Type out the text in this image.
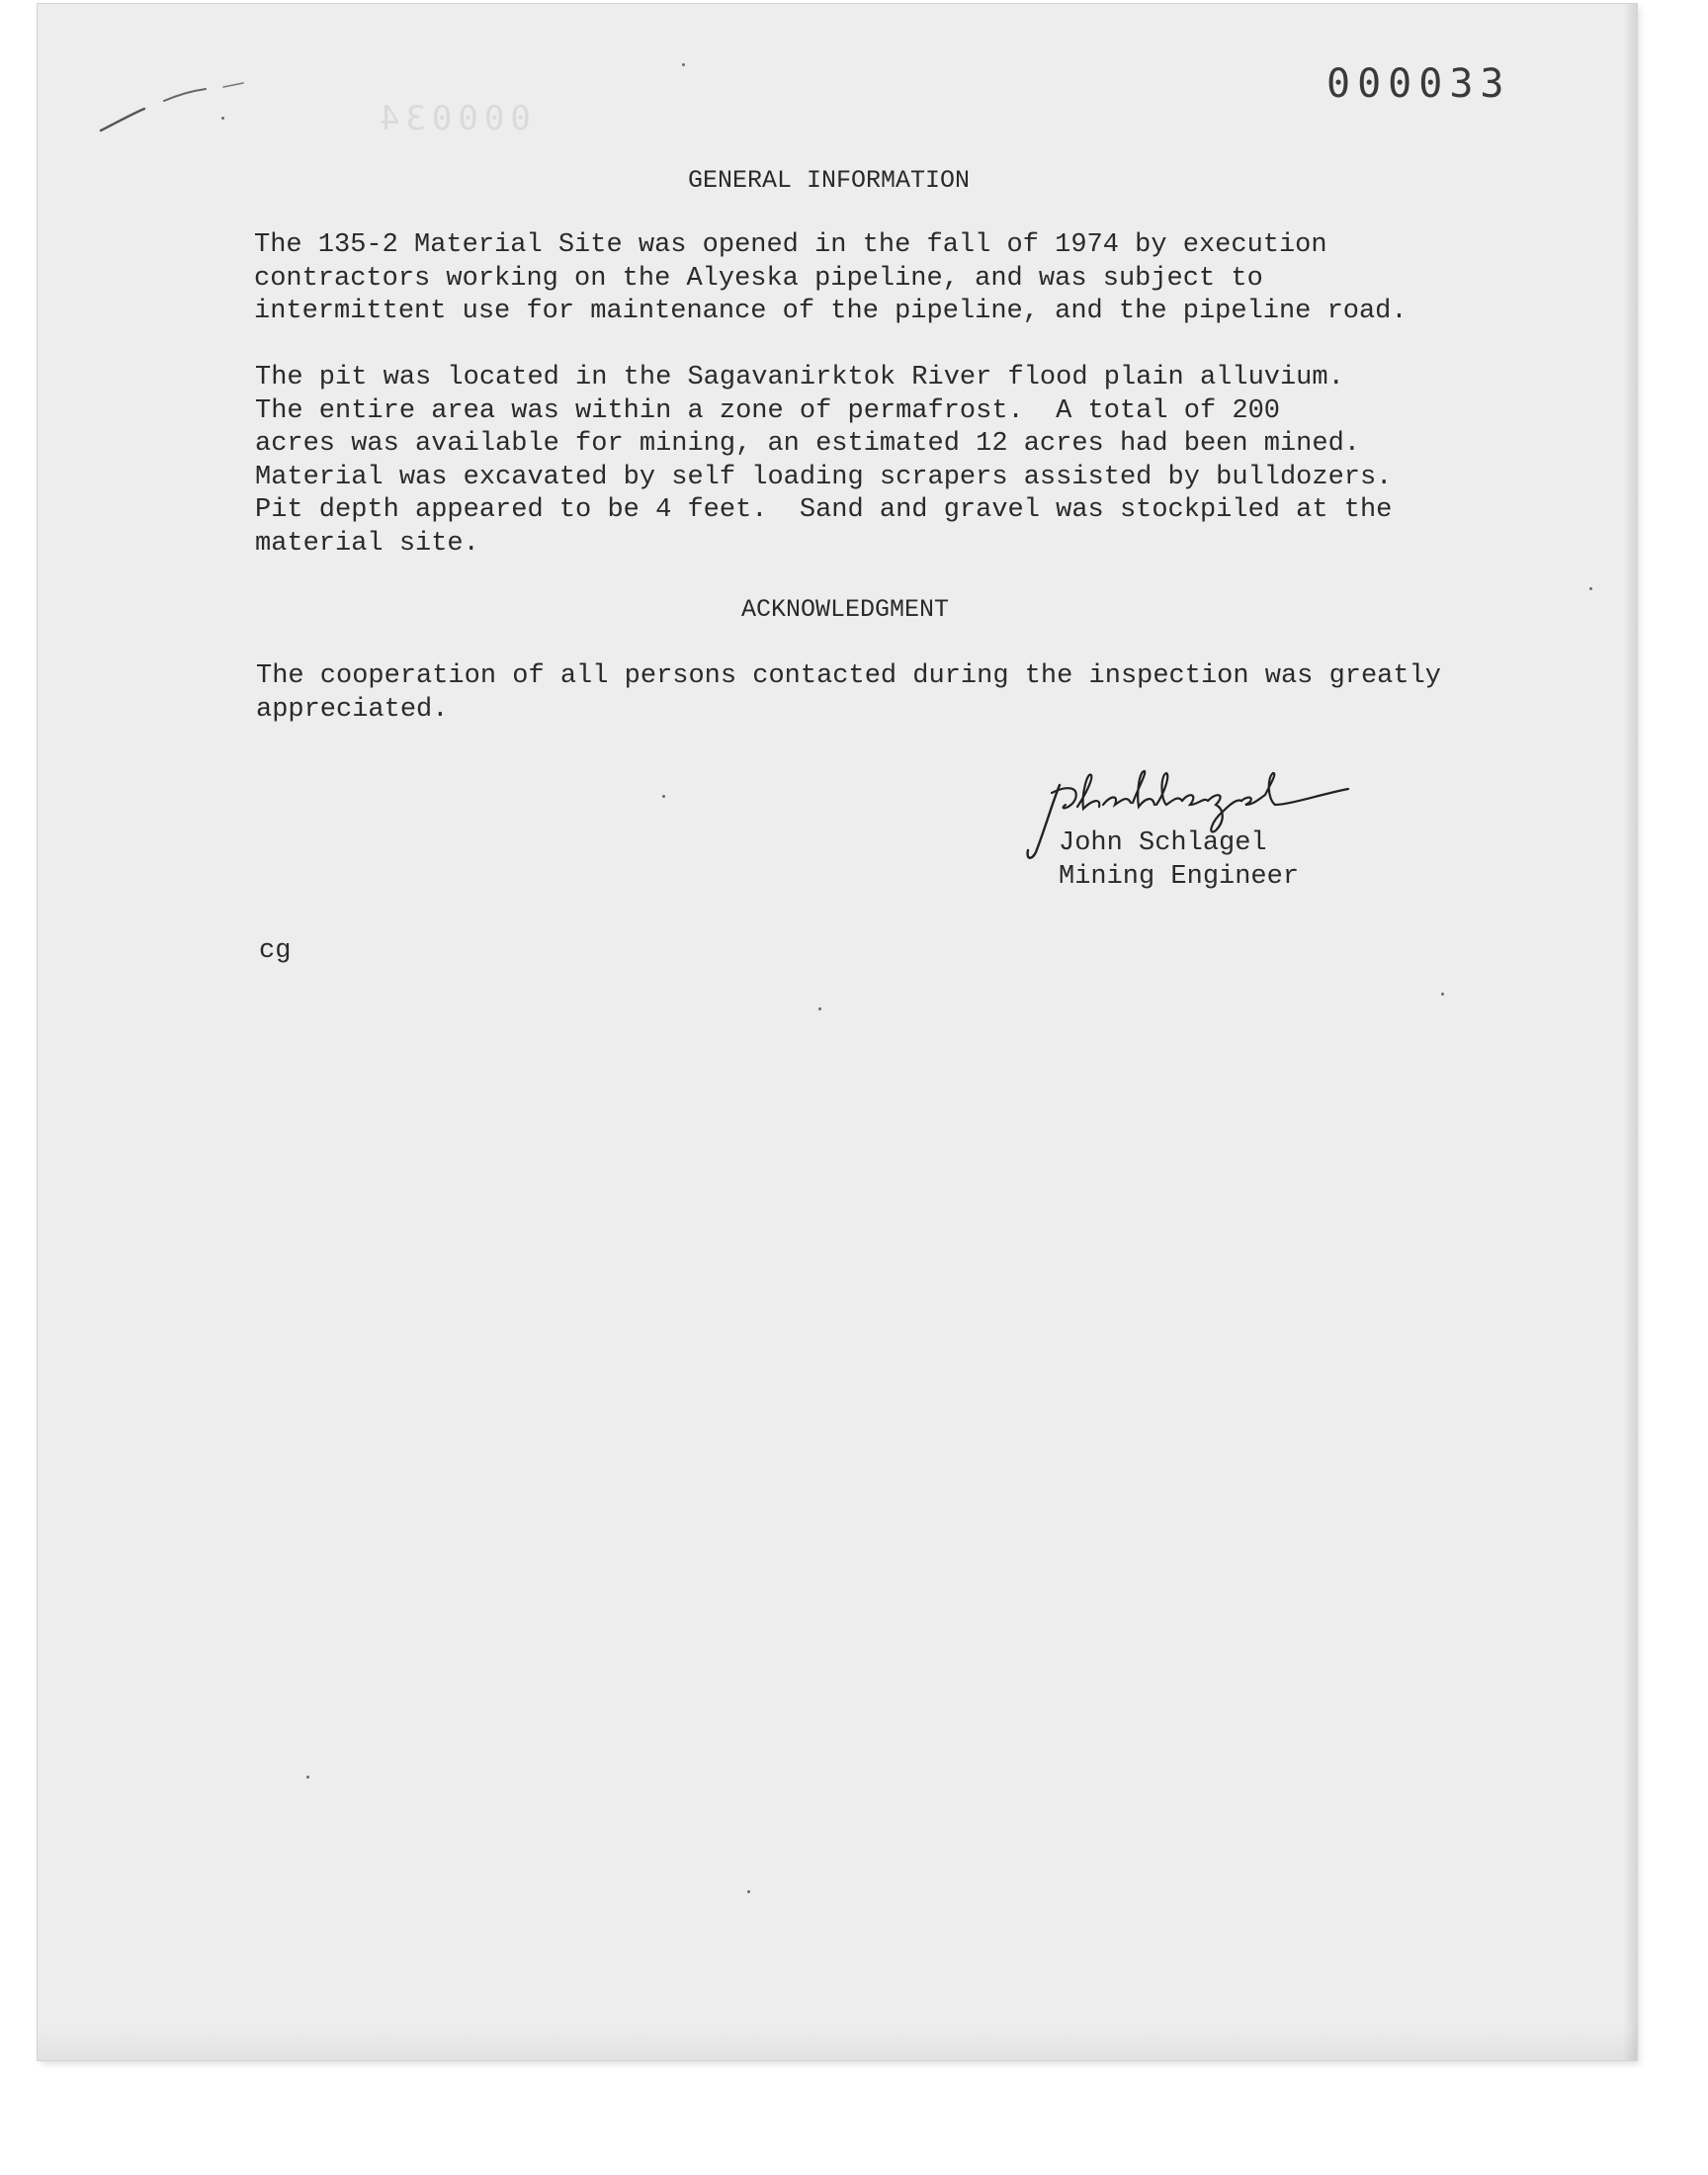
000034
000033
GENERAL INFORMATION
The 135-2 Material Site was opened in the fall of 1974 by execution
contractors working on the Alyeska pipeline, and was subject to
intermittent use for maintenance of the pipeline, and the pipeline road.
The pit was located in the Sagavanirktok River flood plain alluvium.
The entire area was within a zone of permafrost.  A total of 200
acres was available for mining, an estimated 12 acres had been mined.
Material was excavated by self loading scrapers assisted by bulldozers.
Pit depth appeared to be 4 feet.  Sand and gravel was stockpiled at the
material site.
ACKNOWLEDGMENT
The cooperation of all persons contacted during the inspection was greatly
appreciated.
John Schlagel
Mining Engineer
cg
